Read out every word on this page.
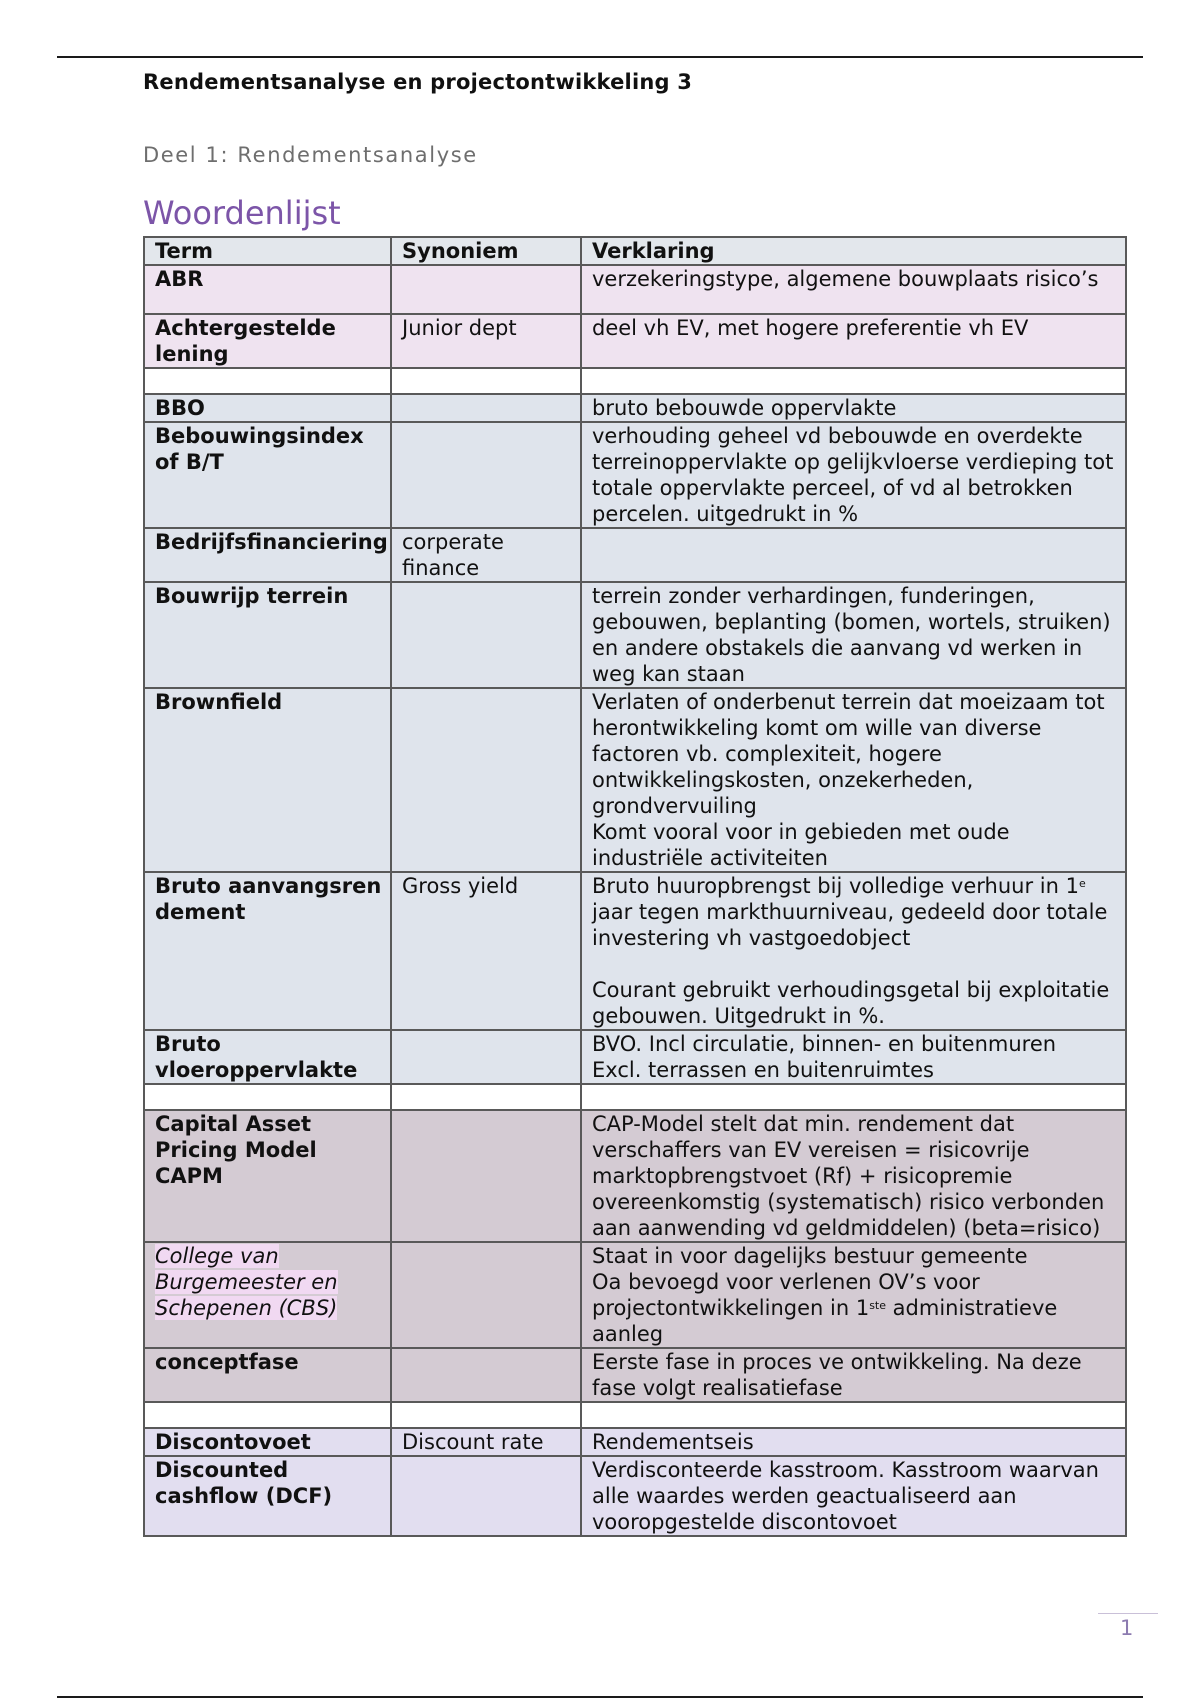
Rendementsanalyse en projectontwikkeling 3
Deel 1: Rendementsanalyse
Woordenlijst
Term	Synoniem	Verklaring
ABR		verzekeringstype, algemene bouwplaats risico’s
Achtergestelde lening	Junior dept	deel vh EV, met hogere preferentie vh EV

BBO		bruto bebouwde oppervlakte
Bebouwingsindex of B/T		verhouding geheel vd bebouwde en overdekte terreinoppervlakte op gelijkvloerse verdieping tot totale oppervlakte perceel, of vd al betrokken percelen. uitgedrukt in %
Bedrijfsfinanciering	corperate finance	
Bouwrijp terrein		terrein zonder verhardingen, funderingen, gebouwen, beplanting (bomen, wortels, struiken) en andere obstakels die aanvang vd werken in weg kan staan
Brownfield		Verlaten of onderbenut terrein dat moeizaam tot herontwikkeling komt om wille van diverse factoren vb. complexiteit, hogere ontwikkelingskosten, onzekerheden, grondvervuiling
Komt vooral voor in gebieden met oude industriële activiteiten

Bruto aanvangsrendement	Gross yield	Bruto huuropbrengst bij volledige verhuur in 1e jaar tegen markthuurniveau, gedeeld door totale investering vh vastgoedobject
Courant gebruikt verhoudingsgetal bij exploitatie gebouwen. Uitgedrukt in %.

Bruto vloeroppervlakte		BVO. Incl circulatie, binnen- en buitenmuren
Excl. terrassen en buitenruimtes

Capital Asset Pricing Model CAPM		CAP-Model stelt dat min. rendement dat verschaffers van EV vereisen = risicovrije marktopbrengstvoet (Rf) + risicopremie overeenkomstig (systematisch) risico verbonden aan aanwending vd geldmiddelen) (beta=risico)
College van Burgemeester en Schepenen (CBS)		Staat in voor dagelijks bestuur gemeente
Oa bevoegd voor verlenen OV’s voor projectontwikkelingen in 1ste administratieve aanleg

conceptfase		Eerste fase in proces ve ontwikkeling. Na deze fase volgt realisatiefase

Discontovoet	Discount rate	Rendementseis
Discounted cashflow (DCF)		Verdisconteerde kasstroom. Kasstroom waarvan alle waardes werden geactualiseerd aan vooropgestelde discontovoet
1
